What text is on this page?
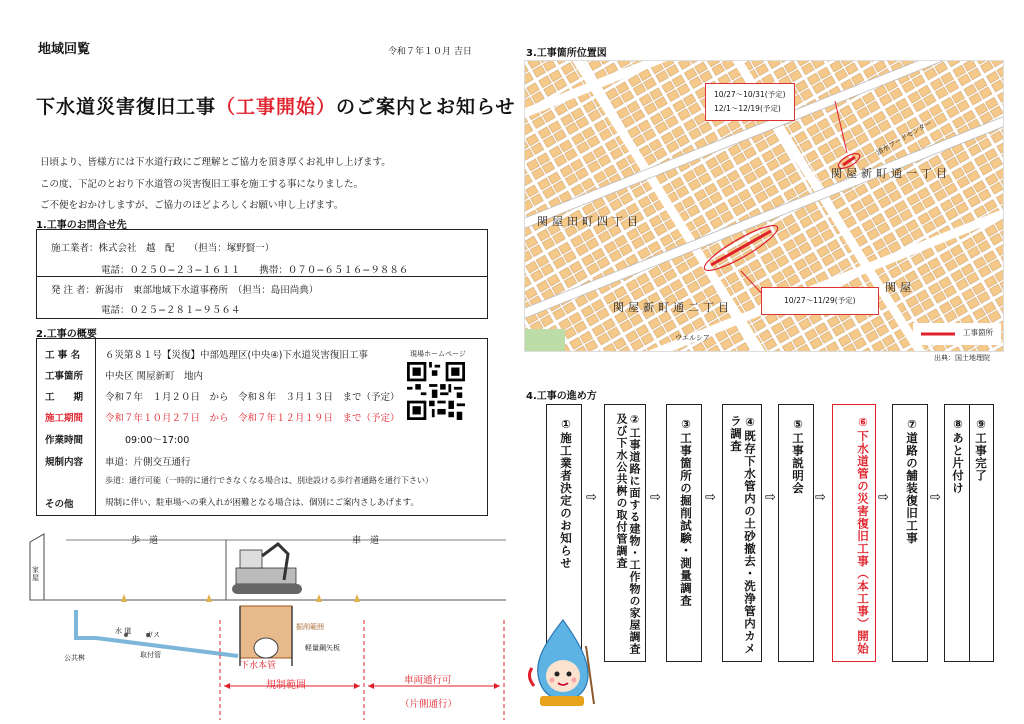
地域回覧	令和７年１０月 吉日
下水道災害復旧工事（工事開始）のご案内とお知らせ
日頃より、皆様方には下水道行政にご理解とご協力を頂き厚くお礼申し上げます。
この度、下記のとおり下水道管の災害復旧工事を施工する事になりました。
ご不便をおかけしますが、ご協力のほどよろしくお願い申し上げます。
1.工事のお問合せ先
施工業者：株式会社　越　配　　（担当：塚野賢一）
電話：０２５０−２３−１６１１　　携帯：０７０−６５１６−９８８６
発 注 者：新潟市　東部地域下水道事務所　（担当：島田尚典）
電話：０２５−２８１−９５６４
2.工事の概要
工 事 名	６災第８１号【災復】中部処理区(中央④)下水道災害復旧工事
工事箇所 中央区 関屋新町　地内
工　　期 令和７年　１月２０日　から　令和８年　３月１３日　まで（予定）
施工期間 令和７年１０月２７日　から　令和７年１２月１９日　まで（予定）
作業時間	09:00～17:00
規制内容 車道：片側交互通行
歩道：通行可能（一時的に通行できなくなる場合は、別途設ける歩行者通路を通行下さい）
その他	規制に伴い、駐車場への乗入れが困難となる場合は、個別にご案内さしあげます。
現場ホームページ
歩　道	車　道
家屋
水 道 ガス
公共桝	取付管
下水本管
掘削範囲
軽量鋼矢板
規制範囲	車両通行可
（片側通行）
3.工事箇所位置図
10/27～10/31(予定)
12/1～12/19(予定)
10/27～11/29(予定)
関屋新町通一丁目
関屋田町四丁目
関屋新町通二丁目
関屋
清水フードセンター
ウエルシア
工事箇所
出典：国土地理院
4.工事の進め方
①施工業者決定のお知らせ ⇨	②工事道路に面する建物・工作物の家屋調査及び下水公共桝の取付管調査	⇨ ③工事箇所の掘削試験・測量調査 ⇨	④既存下水管内の土砂撤去・洗浄管内カメラ調査
⇨
⑤工事説明会
⇨	⑥下水道管の災害復旧工事（本工事）開始 ⇨ ⑦道路の舗装復旧工事 ⇨
⑧あと片付け ⑨工事完了
